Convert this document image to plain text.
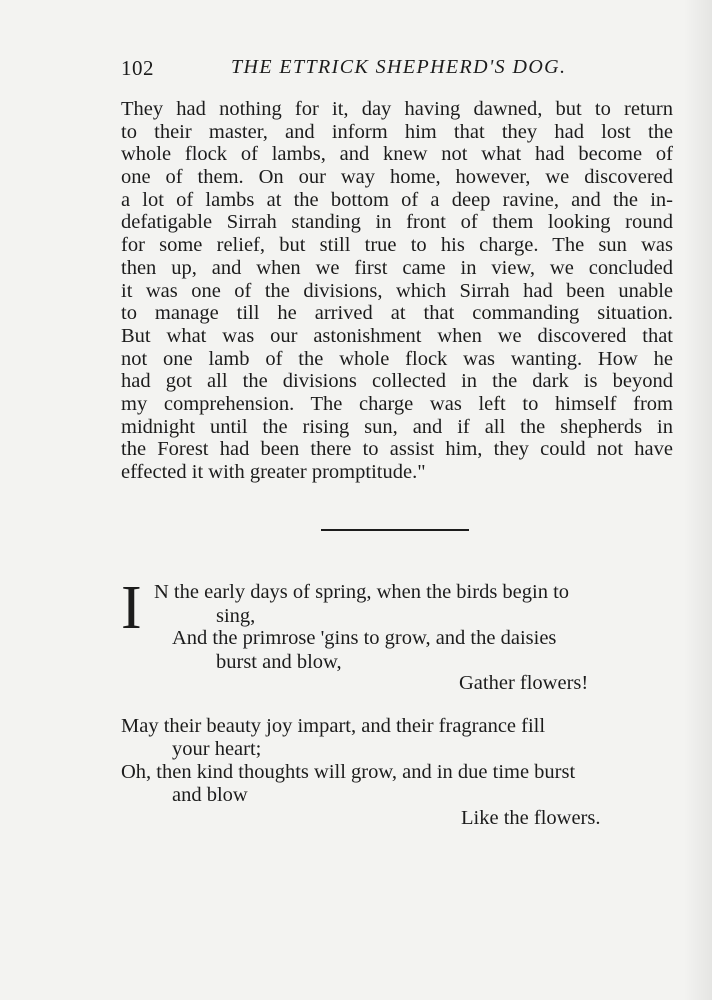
102	THE ETTRICK SHEPHERD'S DOG.
They had nothing for it, day having dawned, but to return
to their master, and inform him that they had lost the
whole flock of lambs, and knew not what had become of
one of them. On our way home, however, we discovered
a lot of lambs at the bottom of a deep ravine, and the in-
defatigable Sirrah standing in front of them looking round
for some relief, but still true to his charge. The sun was
then up, and when we first came in view, we concluded
it was one of the divisions, which Sirrah had been unable
to manage till he arrived at that commanding situation.
But what was our astonishment when we discovered that
not one lamb of the whole flock was wanting. How he
had got all the divisions collected in the dark is beyond
my comprehension. The charge was left to himself from
midnight until the rising sun, and if all the shepherds in
the Forest had been there to assist him, they could not have
effected it with greater promptitude."
I N the early days of spring, when the birds begin to
sing,
And the primrose 'gins to grow, and the daisies
burst and blow,
Gather flowers!
May their beauty joy impart, and their fragrance fill
your heart;
Oh, then kind thoughts will grow, and in due time burst
and blow
Like the flowers.
